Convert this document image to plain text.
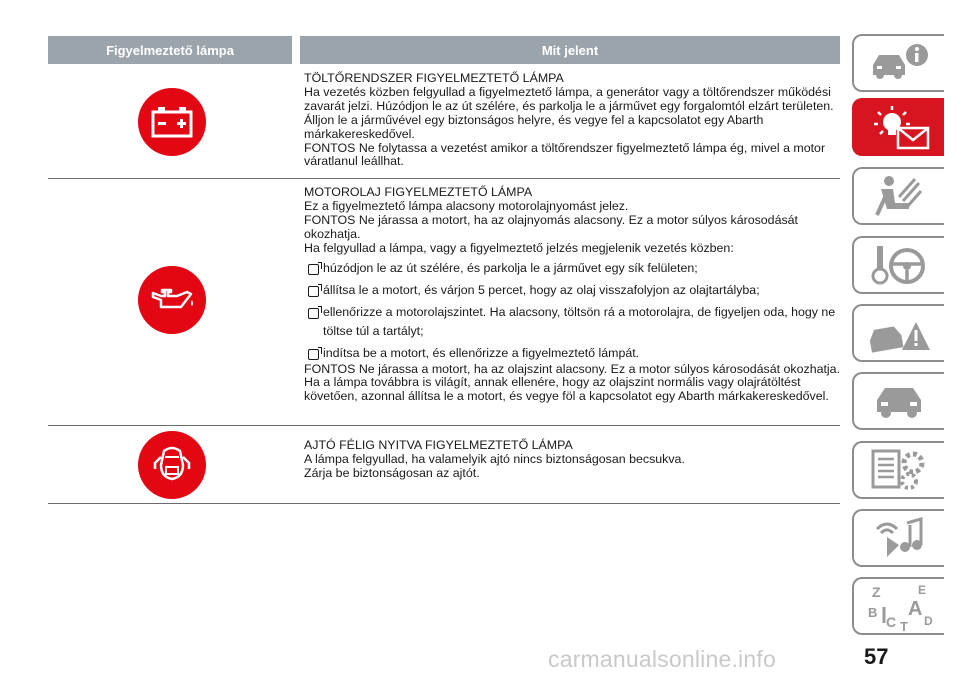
Figyelmeztető lámpa	Mit jelent

TÖLTŐRENDSZER FIGYELMEZTETŐ LÁMPA

Ha vezetés közben felgyullad a figyelmeztető lámpa, a generátor vagy a töltőrendszer működési zavarát jelzi. Húzódjon le az út szélére, és parkolja le a járművet egy forgalomtól elzárt területen. Álljon le a járművével egy biztonságos helyre, és vegye fel a kapcsolatot egy Abarth márkakereskedővel.

FONTOS Ne folytassa a vezetést amikor a töltőrendszer figyelmeztető lámpa ég, mivel a motor váratlanul leállhat.

MOTOROLAJ FIGYELMEZTETŐ LÁMPA

Ez a figyelmeztető lámpa alacsony motorolajnyomást jelez.

FONTOS Ne járassa a motort, ha az olajnyomás alacsony. Ez a motor súlyos károsodását okozhatja.

Ha felgyullad a lámpa, vagy a figyelmeztető jelzés megjelenik vezetés közben:

húzódjon le az út szélére, és parkolja le a járművet egy sík felületen;
állítsa le a motort, és várjon 5 percet, hogy az olaj visszafolyjon az olajtartályba;
ellenőrizze a motorolajszintet. Ha alacsony, töltsön rá a motorolajra, de figyeljen oda, hogy ne töltse túl a tartályt;
indítsa be a motort, és ellenőrizze a figyelmeztető lámpát.

FONTOS Ne járassa a motort, ha az olajszint alacsony. Ez a motor súlyos károsodását okozhatja.

Ha a lámpa továbbra is világít, annak ellenére, hogy az olajszint normális vagy olajrátöltést követően, azonnal állítsa le a motort, és vegye föl a kapcsolatot egy Abarth márkakereskedővel.

AJTÓ FÉLIG NYITVA FIGYELMEZTETŐ LÁMPA

A lámpa felgyullad, ha valamelyik ajtó nincs biztonságosan becsukva.

Zárja be biztonságosan az ajtót.

Z	E
B A
C D
T
carmanualsonline.info	57
